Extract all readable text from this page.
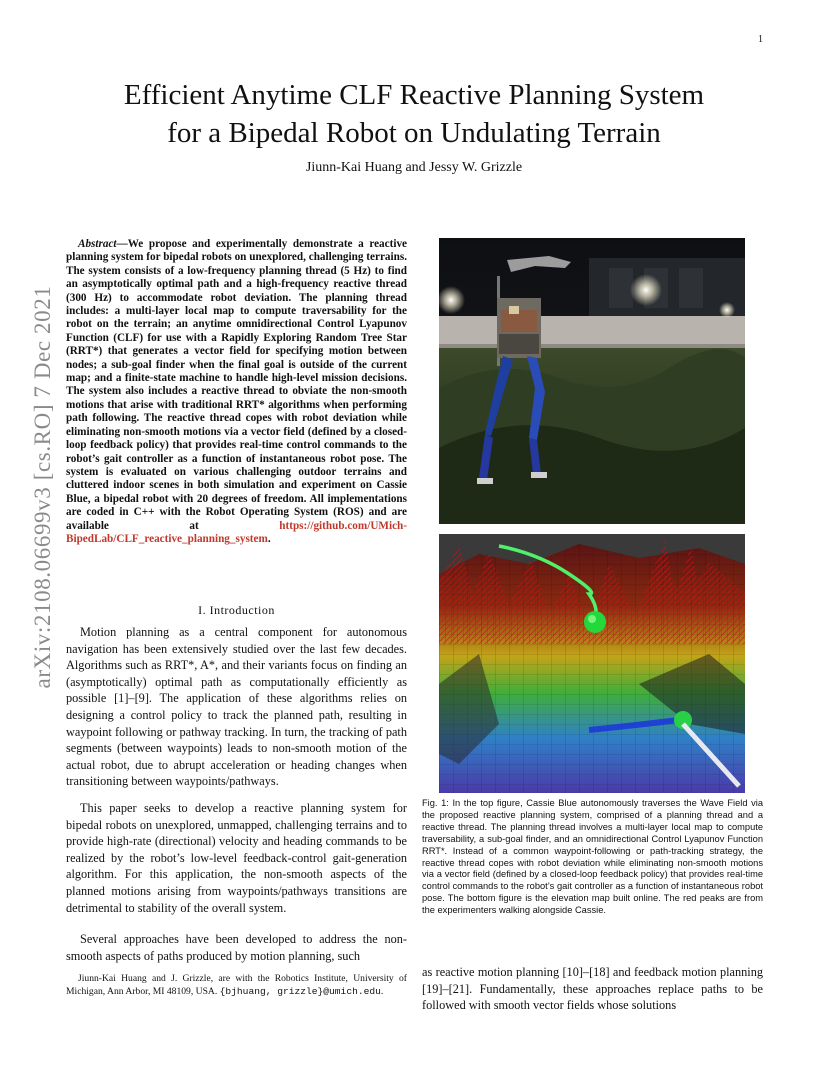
1
Efficient Anytime CLF Reactive Planning System
for a Bipedal Robot on Undulating Terrain
Jiunn-Kai Huang and Jessy W. Grizzle
arXiv:2108.06699v3 [cs.RO] 7 Dec 2021

Abstract—We propose and experimentally demonstrate a reactive planning system for bipedal robots on unexplored, challenging terrains. The system consists of a low-frequency planning thread (5 Hz) to find an asymptotically optimal path and a high-frequency reactive thread (300 Hz) to accommodate robot deviation. The planning thread includes: a multi-layer local map to compute traversability for the robot on the terrain; an anytime omnidirectional Control Lyapunov Function (CLF) for use with a Rapidly Exploring Random Tree Star (RRT*) that generates a vector field for specifying motion between nodes; a sub-goal finder when the final goal is outside of the current map; and a finite-state machine to handle high-level mission decisions. The system also includes a reactive thread to obviate the non-smooth motions that arise with traditional RRT* algorithms when performing path following. The reactive thread copes with robot deviation while eliminating non-smooth motions via a vector field (defined by a closed-loop feedback policy) that provides real-time control commands to the robot’s gait controller as a function of instantaneous robot pose. The system is evaluated on various challenging outdoor terrains and cluttered indoor scenes in both simulation and experiment on Cassie Blue, a bipedal robot with 20 degrees of freedom. All implementations are coded in C++ with the Robot Operating System (ROS) and are available at https://github.com/UMich-BipedLab/CLF_reactive_planning_system.

I. Introduction

Motion planning as a central component for autonomous navigation has been extensively studied over the last few decades. Algorithms such as RRT*, A*, and their variants focus on finding an (asymptotically) optimal path as computationally efficiently as possible [1]–[9]. The application of these algorithms relies on designing a control policy to track the planned path, resulting in waypoint following or pathway tracking. In turn, the tracking of path segments (between waypoints) leads to non-smooth motion of the actual robot, due to abrupt acceleration or heading changes when transitioning between waypoints/pathways.

This paper seeks to develop a reactive planning system for bipedal robots on unexplored, unmapped, challenging terrains and to provide high-rate (directional) velocity and heading commands to be realized by the robot’s low-level feedback-control gait-generation algorithm. For this application, the non-smooth aspects of the planned motions arising from waypoints/pathways transitions are detrimental to stability of the overall system.

Several approaches have been developed to address the non-smooth aspects of paths produced by motion planning, such

Jiunn-Kai Huang and J. Grizzle, are with the Robotics Institute, University of Michigan, Ann Arbor, MI 48109, USA. {bjhuang, grizzle}@umich.edu.

Fig. 1: In the top figure, Cassie Blue autonomously traverses the Wave Field via the proposed reactive planning system, comprised of a planning thread and a reactive thread. The planning thread involves a multi-layer local map to compute traversability, a sub-goal finder, and an omnidirectional Control Lyapunov Function RRT*. Instead of a common waypoint-following or path-tracking strategy, the reactive thread copes with robot deviation while eliminating non-smooth motions via a vector field (defined by a closed-loop feedback policy) that provides real-time control commands to the robot’s gait controller as a function of instantaneous robot pose. The bottom figure is the elevation map built online. The red peaks are from the experimenters walking alongside Cassie.

as reactive motion planning [10]–[18] and feedback motion planning [19]–[21]. Fundamentally, these approaches replace paths to be followed with smooth vector fields whose solutions
